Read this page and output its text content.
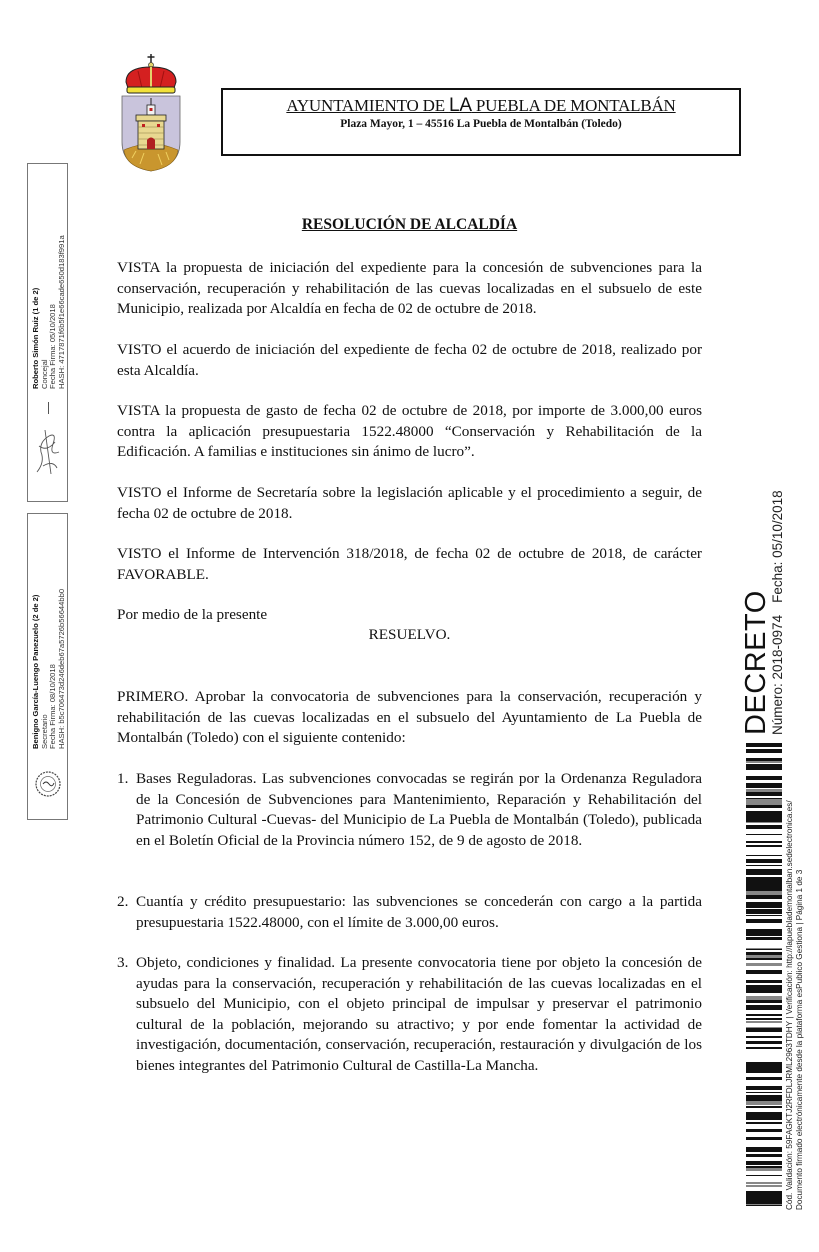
AYUNTAMIENTO DE LA PUEBLA DE MONTALBÁN
Plaza Mayor, 1 – 45516 La Puebla de Montalbán (Toledo)
Roberto Simón Ruiz (1 de 2) Concejal Fecha Firma: 05/10/2018 HASH: 4717871f6b5f1e66cade650d183f991a
Benigno García-Luengo Panezuelo (2 de 2) Secretario Fecha Firma: 08/10/2018 HASH: b5c706473d246deb67a5726b56644bb0
RESOLUCIÓN DE ALCALDÍA
VISTA la propuesta de iniciación del expediente para la concesión de subvenciones para la conservación, recuperación y rehabilitación de las cuevas localizadas en el subsuelo de este Municipio, realizada por Alcaldía en fecha de 02 de octubre de 2018.
VISTO el acuerdo de iniciación del expediente de fecha 02 de octubre de 2018, realizado por esta Alcaldía.
VISTA la propuesta de gasto de fecha 02 de octubre de 2018, por importe de 3.000,00 euros contra la aplicación presupuestaria 1522.48000 “Conservación y Rehabilitación de la Edificación. A familias e instituciones sin ánimo de lucro”.
VISTO el Informe de Secretaría sobre la legislación aplicable y el procedimiento a seguir, de fecha 02 de octubre de 2018.
VISTO el Informe de Intervención 318/2018, de fecha 02 de octubre de 2018, de carácter FAVORABLE.
Por medio de la presente
RESUELVO.
PRIMERO. Aprobar la convocatoria de subvenciones para la conservación, recuperación y rehabilitación de las cuevas localizadas en el subsuelo del Ayuntamiento de La Puebla de Montalbán (Toledo) con el siguiente contenido:
1. Bases Reguladoras. Las subvenciones convocadas se regirán por la Ordenanza Reguladora de la Concesión de Subvenciones para Mantenimiento, Reparación y Rehabilitación del Patrimonio Cultural -Cuevas- del Municipio de La Puebla de Montalbán (Toledo), publicada en el Boletín Oficial de la Provincia número 152, de 9 de agosto de 2018.
2. Cuantía y crédito presupuestario: las subvenciones se concederán con cargo a la partida presupuestaria 1522.48000, con el límite de 3.000,00 euros.
3. Objeto, condiciones y finalidad. La presente convocatoria tiene por objeto la concesión de ayudas para la conservación, recuperación y rehabilitación de las cuevas localizadas en el subsuelo del Municipio, con el objeto principal de impulsar y preservar el patrimonio cultural de la población, mejorando su atractivo; y por ende fomentar la actividad de investigación, documentación, conservación, recuperación, restauración y divulgación de los bienes integrantes del Patrimonio Cultural de Castilla-La Mancha.
DECRETO
Número: 2018-0974Fecha: 05/10/2018
Cód. Validación: 59FAGKTJ2RFDLJRML2963TDHY | Verificación: http://lapuebIademontalban.sedelectronica.es/ Documento firmado electrónicamente desde la plataforma esPublico Gestiona | Página 1 de 3
